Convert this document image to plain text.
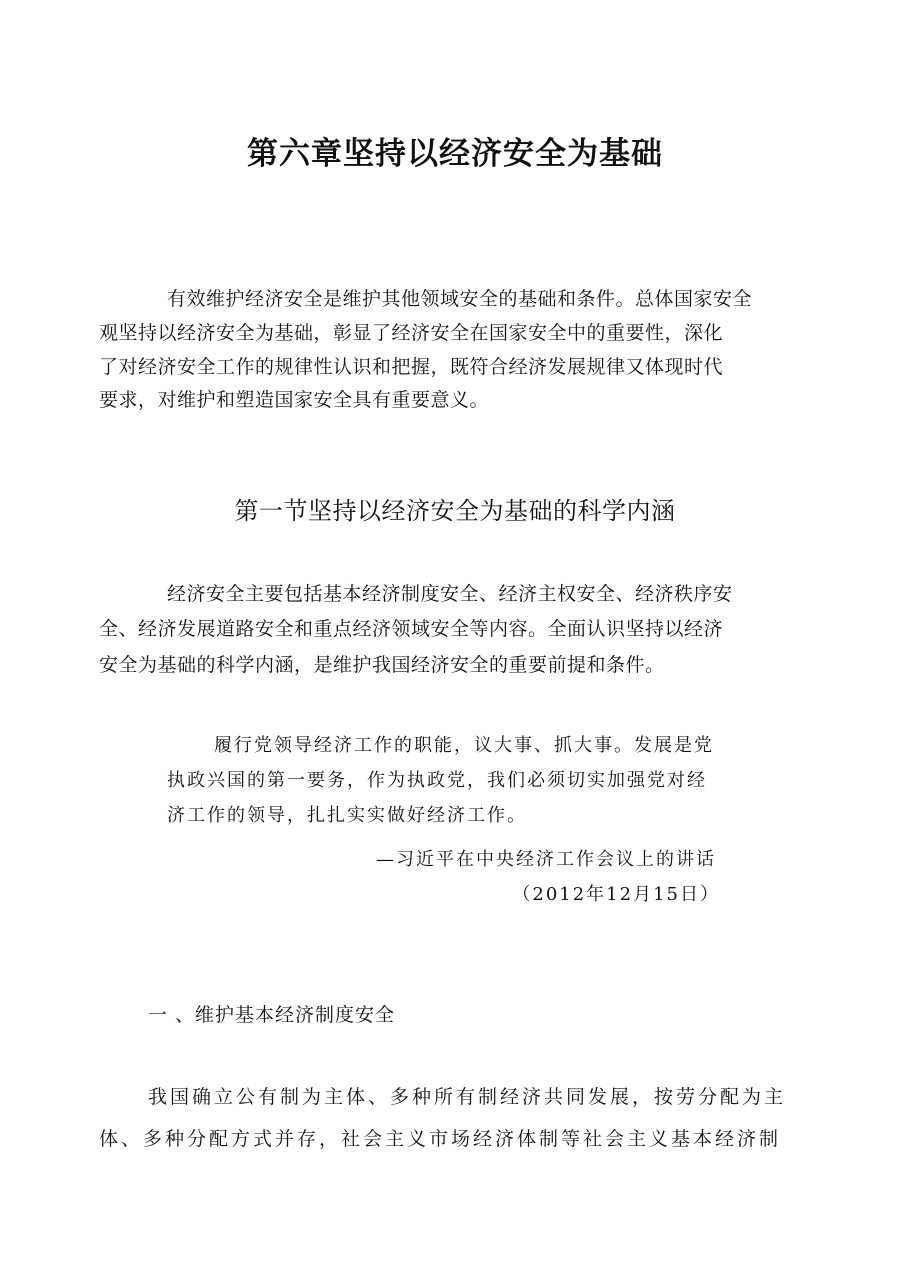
第六章坚持以经济安全为基础
有效维护经济安全是维护其他领域安全的基础和条件。总体国家安全
观坚持以经济安全为基础，彰显了经济安全在国家安全中的重要性，深化
了对经济安全工作的规律性认识和把握，既符合经济发展规律又体现时代
要求，对维护和塑造国家安全具有重要意义。
第一节坚持以经济安全为基础的科学内涵
经济安全主要包括基本经济制度安全、经济主权安全、经济秩序安
全、经济发展道路安全和重点经济领域安全等内容。全面认识坚持以经济
安全为基础的科学内涵，是维护我国经济安全的重要前提和条件。
履行党领导经济工作的职能，议大事、抓大事。发展是党
执政兴国的第一要务，作为执政党，我们必须切实加强党对经
济工作的领导，扎扎实实做好经济工作。
—习近平在中央经济工作会议上的讲话
（2012年12月15日）
一 、维护基本经济制度安全
我国确立公有制为主体、多种所有制经济共同发展，按劳分配为主
体、多种分配方式并存，社会主义市场经济体制等社会主义基本经济制
